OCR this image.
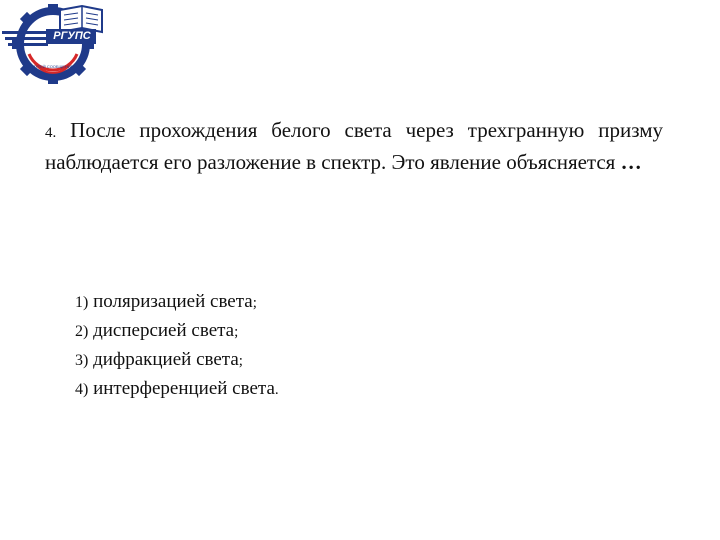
РГУПС
ПУТЕЙ СООБЩЕНИЯ
4. После прохождения белого света через трехгранную призму наблюдается его разложение в спектр. Это явление объясняется …
1) поляризацией света;
2) дисперсией света;
3) дифракцией света;
4) интерференцией света.
